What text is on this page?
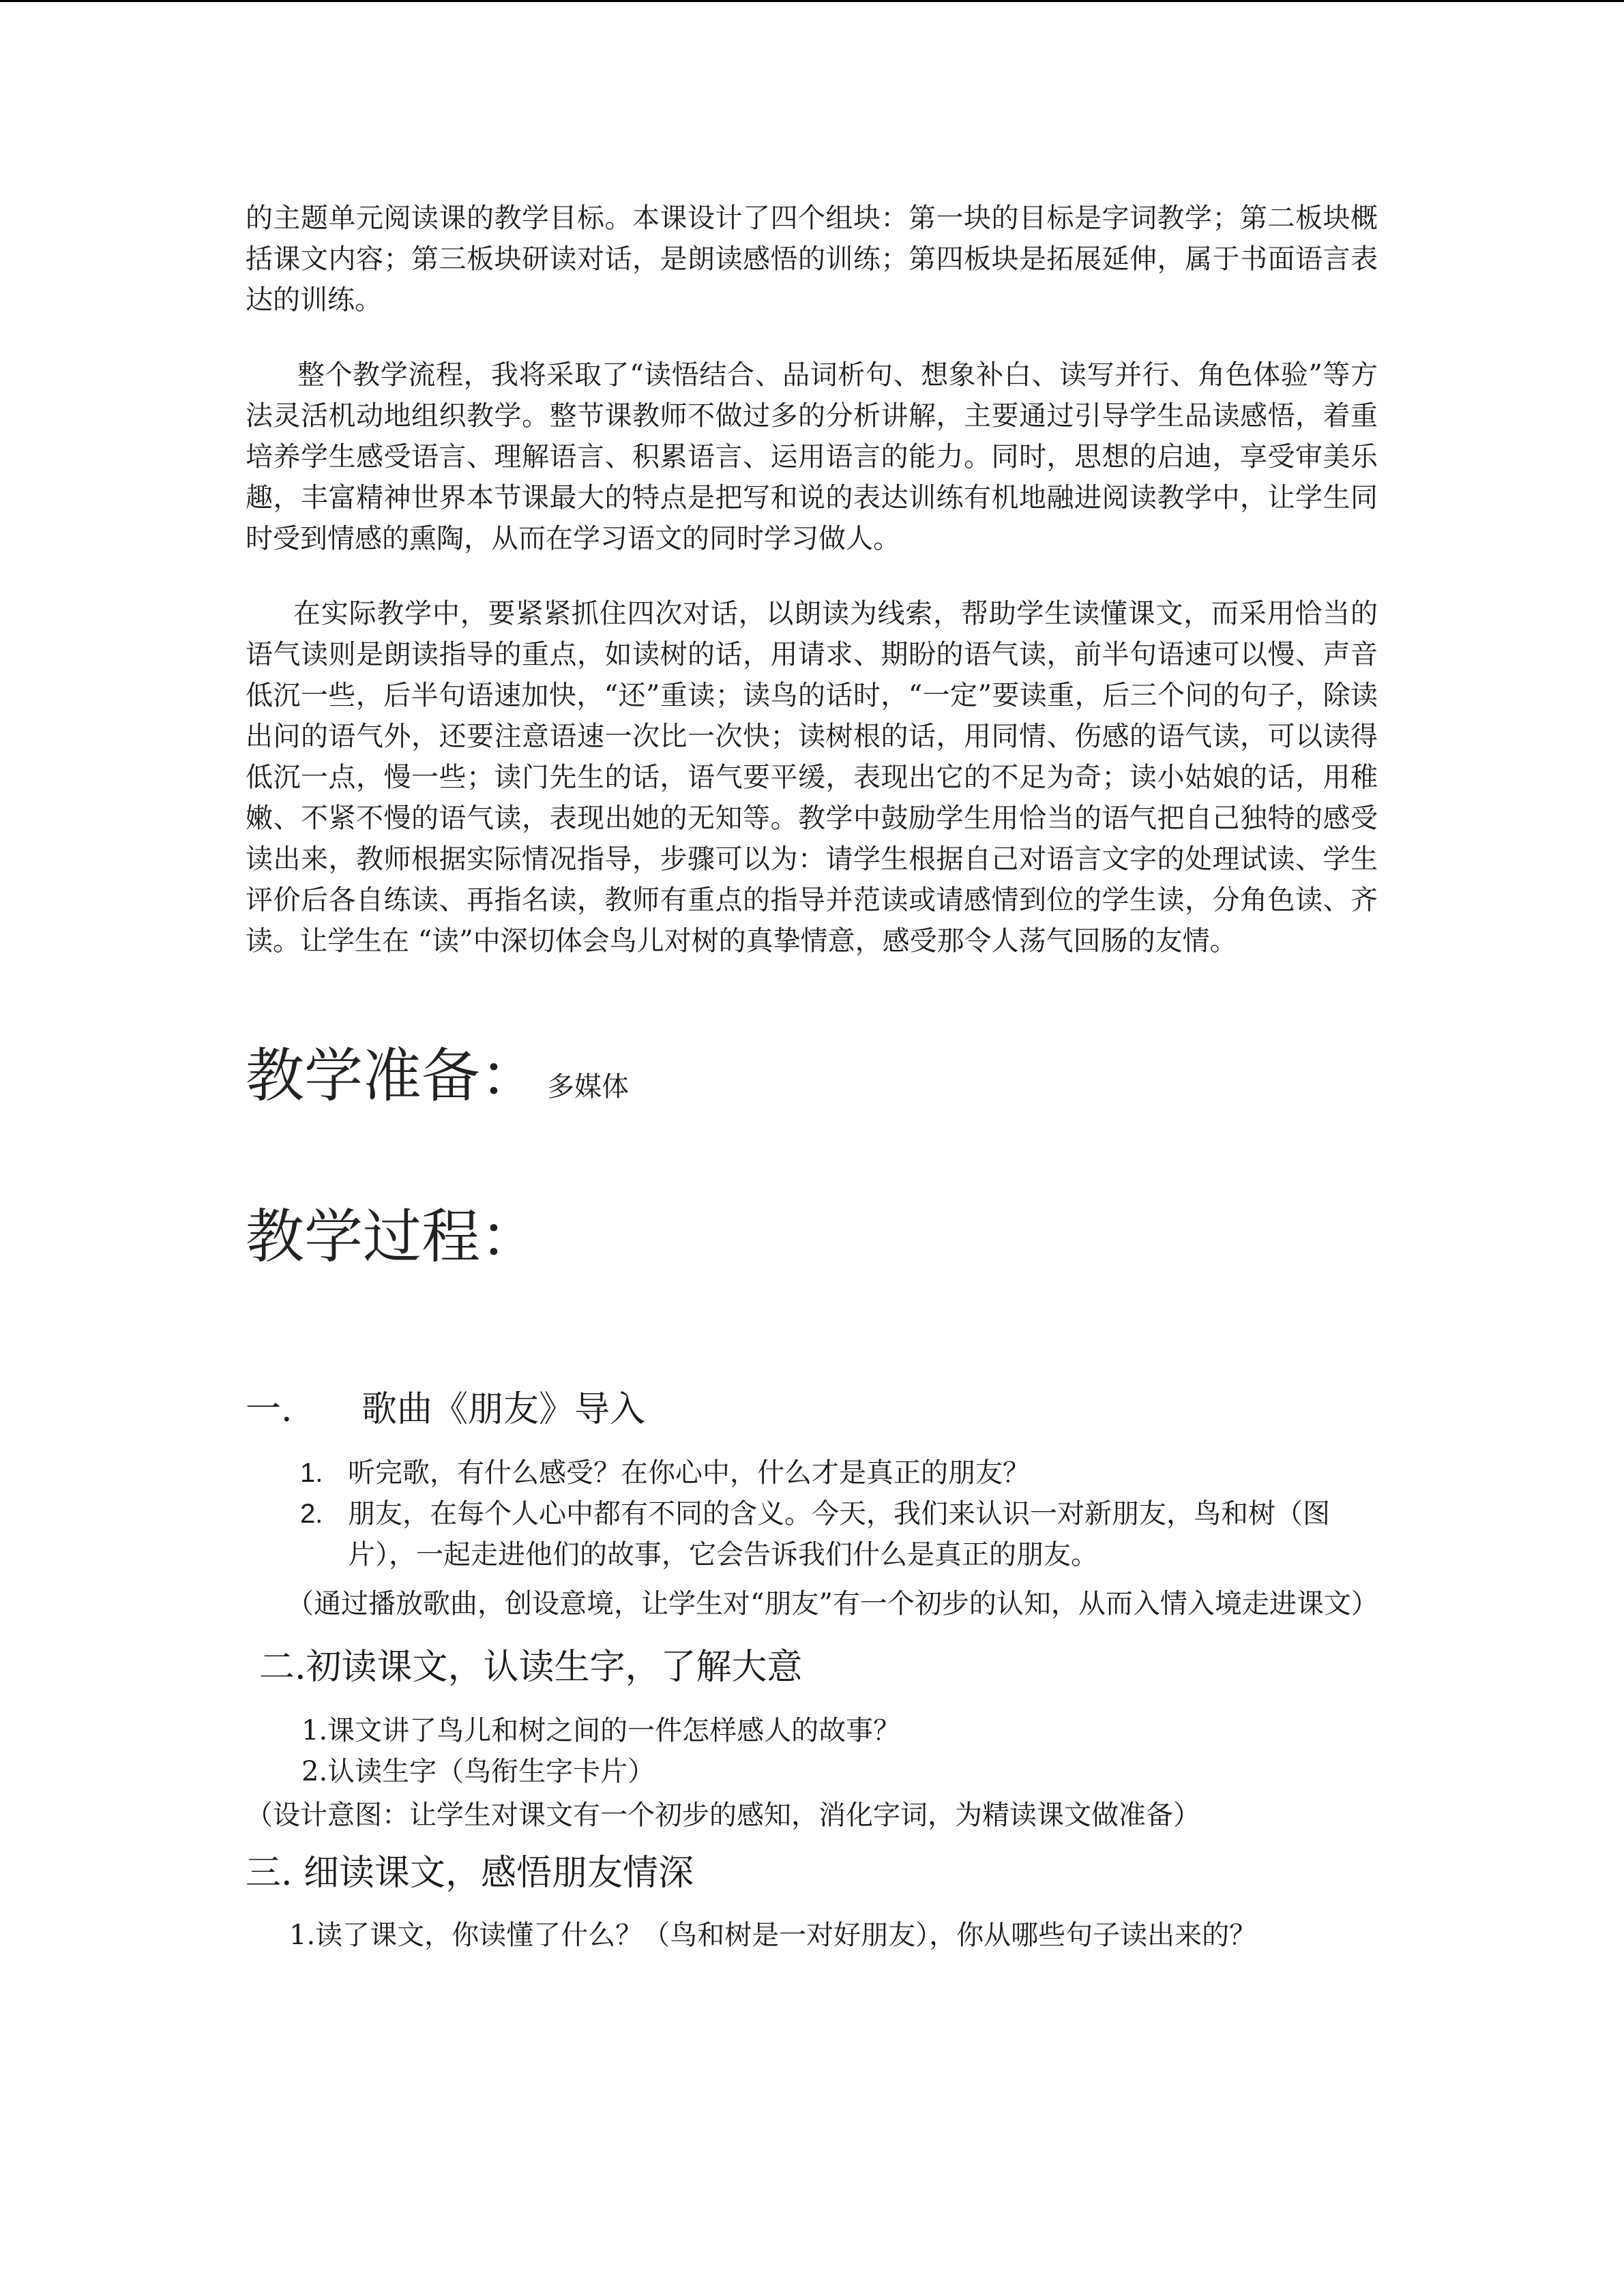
的主题单元阅读课的教学目标。本课设计了四个组块：第一块的目标是字词教学；第二板块概括课文内容；第三板块研读对话，是朗读感悟的训练；第四板块是拓展延伸，属于书面语言表达的训练。

整个教学流程，我将采取了“读悟结合、品词析句、想象补白、读写并行、角色体验”等方法灵活机动地组织教学。整节课教师不做过多的分析讲解，主要通过引导学生品读感悟，着重培养学生感受语言、理解语言、积累语言、运用语言的能力。同时，思想的启迪，享受审美乐趣，丰富精神世界本节课最大的特点是把写和说的表达训练有机地融进阅读教学中，让学生同时受到情感的熏陶，从而在学习语文的同时学习做人。

在实际教学中，要紧紧抓住四次对话，以朗读为线索，帮助学生读懂课文，而采用恰当的语气读则是朗读指导的重点，如读树的话，用请求、期盼的语气读，前半句语速可以慢、声音低沉一些，后半句语速加快，“还”重读；读鸟的话时，“一定”要读重，后三个问的句子，除读出问的语气外，还要注意语速一次比一次快；读树根的话，用同情、伤感的语气读，可以读得低沉一点，慢一些；读门先生的话，语气要平缓，表现出它的不足为奇；读小姑娘的话，用稚嫩、不紧不慢的语气读，表现出她的无知等。教学中鼓励学生用恰当的语气把自己独特的感受读出来，教师根据实际情况指导，步骤可以为：请学生根据自己对语言文字的处理试读、学生评价后各自练读、再指名读，教师有重点的指导并范读或请感情到位的学生读，分角色读、齐读。让学生在 “读”中深切体会鸟儿对树的真挚情意，感受那令人荡气回肠的友情。

教学准备： 多媒体
教学过程：
一.	歌曲《朋友》导入
1. 听完歌，有什么感受？在你心中，什么才是真正的朋友？
2. 朋友，在每个人心中都有不同的含义。今天，我们来认识一对新朋友，鸟和树（图片），一起走进他们的故事，它会告诉我们什么是真正的朋友。

（通过播放歌曲，创设意境，让学生对“朋友”有一个初步的认知，从而入情入境走进课文）

二.初读课文，认读生字，了解大意

1.课文讲了鸟儿和树之间的一件怎样感人的故事？

2.认读生字（鸟衔生字卡片）

（设计意图：让学生对课文有一个初步的感知，消化字词，为精读课文做准备）

三. 细读课文，感悟朋友情深

1.读了课文，你读懂了什么？（鸟和树是一对好朋友），你从哪些句子读出来的？
